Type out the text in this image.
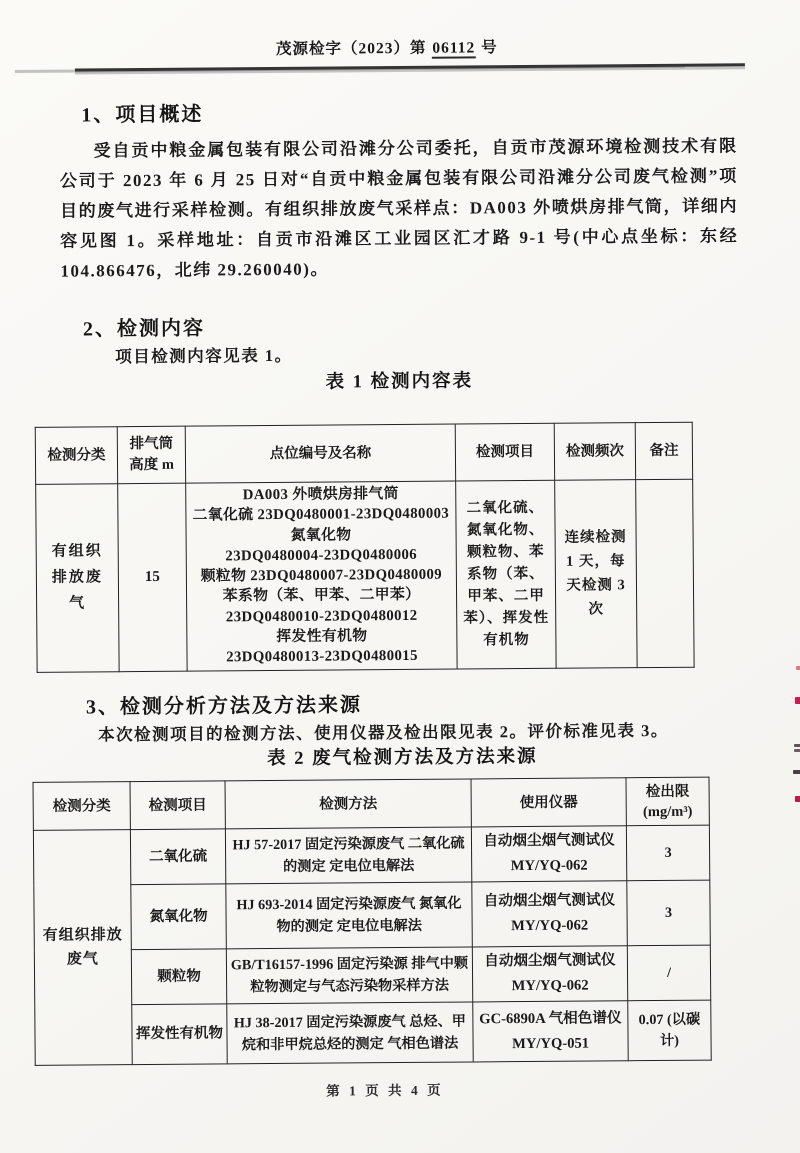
茂源检字（2023）第 06112 号
1、项目概述
受自贡中粮金属包装有限公司沿滩分公司委托，自贡市茂源环境检测技术有限公司于 2023 年 6 月 25 日对“自贡中粮金属包装有限公司沿滩分公司废气检测”项目的废气进行采样检测。有组织排放废气采样点：DA003 外喷烘房排气筒，详细内容见图 1。采样地址：自贡市沿滩区工业园区汇才路 9-1 号(中心点坐标：东经 104.866476，北纬 29.260040)。
2、检测内容
项目检测内容见表 1。
表 1 检测内容表
检测分类	排气筒
高度 m	点位编号及名称	检测项目	检测频次	备注
有组织
排放废
气	15	DA003 外喷烘房排气筒
二氧化硫 23DQ0480001-23DQ0480003
氮氧化物
23DQ0480004-23DQ0480006
颗粒物 23DQ0480007-23DQ0480009
苯系物（苯、甲苯、二甲苯）
23DQ0480010-23DQ0480012
挥发性有机物
23DQ0480013-23DQ0480015	二氧化硫、氮氧化物、颗粒物、苯系物（苯、甲苯、二甲苯）、挥发性有机物	连续检测 1 天，每天检测 3 次	
3、检测分析方法及方法来源
本次检测项目的检测方法、使用仪器及检出限见表 2。评价标准见表 3。
表 2 废气检测方法及方法来源
检测分类	检测项目	检测方法	使用仪器	检出限
(mg/m³)
有组织排放
废气	二氧化硫	HJ 57-2017 固定污染源废气 二氧化硫的测定 定电位电解法	自动烟尘烟气测试仪
MY/YQ-062	3
	氮氧化物	HJ 693-2014 固定污染源废气 氮氧化物的测定 定电位电解法	自动烟尘烟气测试仪
MY/YQ-062	3
	颗粒物	GB/T16157-1996 固定污染源 排气中颗粒物测定与气态污染物采样方法	自动烟尘烟气测试仪
MY/YQ-062	/
	挥发性有机物	HJ 38-2017 固定污染源废气 总烃、甲烷和非甲烷总烃的测定 气相色谱法	GC-6890A 气相色谱仪
MY/YQ-051	0.07 (以碳计)
第 1 页 共 4 页
